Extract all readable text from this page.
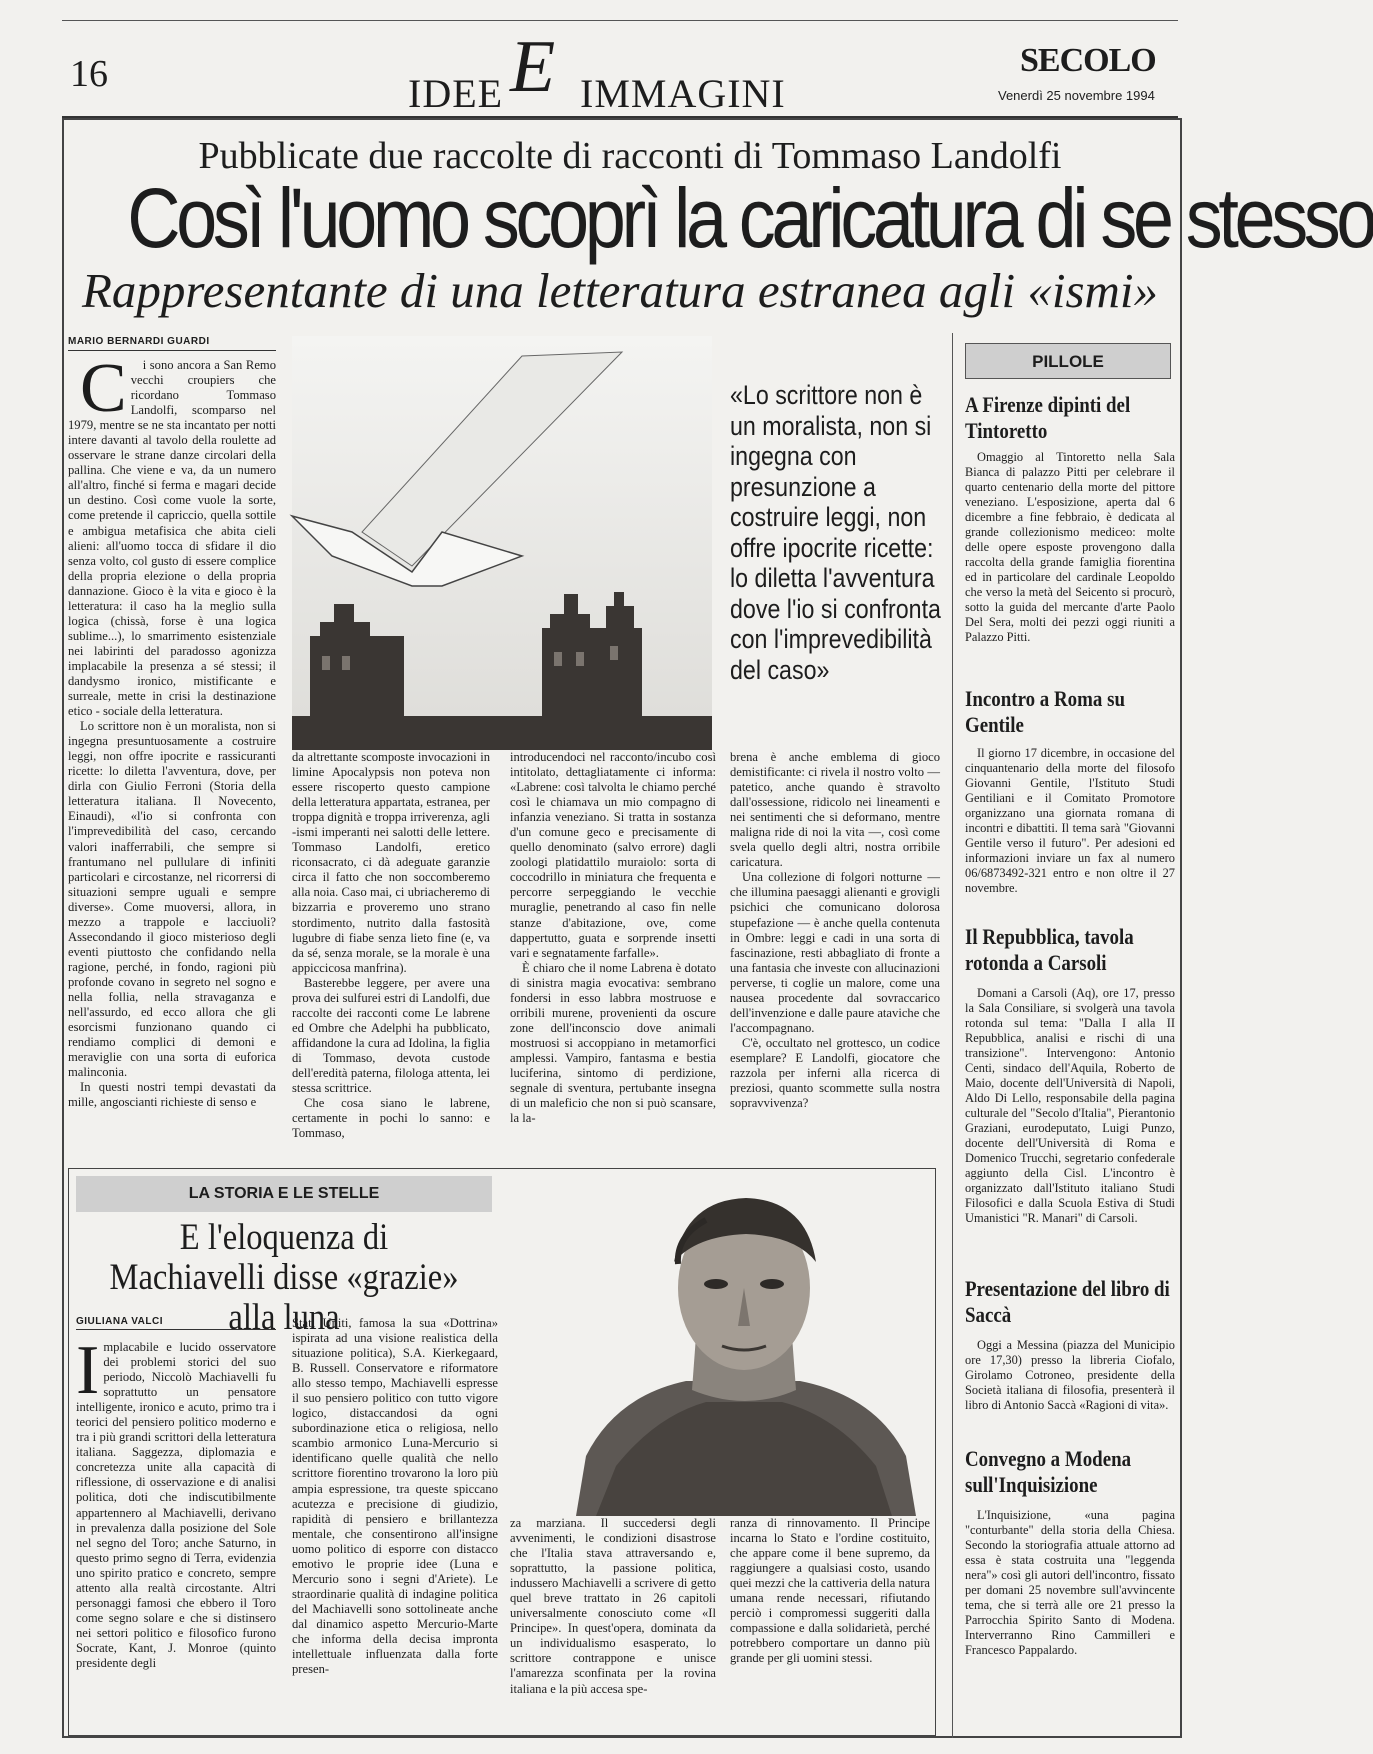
16	E
IDEE IMMAGINI
SECOLO
Venerdì 25 novembre 1994
Pubblicate due raccolte di racconti di Tommaso Landolfi
Così l'uomo scoprì la caricatura di se stesso
Rappresentante di una letteratura estranea agli «ismi»
MARIO BERNARDI GUARDI

Ci sono ancora a San Remo vecchi croupiers che ricordano Tommaso Landolfi, scomparso nel 1979, mentre se ne sta incantato per notti intere davanti al tavolo della roulette ad osservare le strane danze circolari della pallina. Che viene e va, da un numero all'altro, finché si ferma e magari decide un destino. Così come vuole la sorte, come pretende il capriccio, quella sottile e ambigua metafisica che abita cieli alieni: all'uomo tocca di sfidare il dio senza volto, col gusto di essere complice della propria elezione o della propria dannazione. Gioco è la vita e gioco è la letteratura: il caso ha la meglio sulla logica (chissà, forse è una logica sublime...), lo smarrimento esistenziale nei labirinti del paradosso agonizza implacabile la presenza a sé stessi; il dandysmo ironico, mistificante e surreale, mette in crisi la destinazione etico - sociale della letteratura.

Lo scrittore non è un moralista, non si ingegna presuntuosamente a costruire leggi, non offre ipocrite e rassicuranti ricette: lo diletta l'avventura, dove, per dirla con Giulio Ferroni (Storia della letteratura italiana. Il Novecento, Einaudi), «l'io si confronta con l'imprevedibilità del caso, cercando valori inafferrabili, che sempre si frantumano nel pullulare di infiniti particolari e circostanze, nel ricorrersi di situazioni sempre uguali e sempre diverse». Come muoversi, allora, in mezzo a trappole e lacciuoli? Assecondando il gioco misterioso degli eventi piuttosto che confidando nella ragione, perché, in fondo, ragioni più profonde covano in segreto nel sogno e nella follia, nella stravaganza e nell'assurdo, ed ecco allora che gli esorcismi funzionano quando ci rendiamo complici di demoni e meraviglie con una sorta di euforica malinconia.

In questi nostri tempi devastati da mille, angoscianti richieste di senso e

da altrettante scomposte invocazioni in limine Apocalypsis non poteva non essere riscoperto questo campione della letteratura appartata, estranea, per troppa dignità e troppa irriverenza, agli -ismi imperanti nei salotti delle lettere. Tommaso Landolfi, eretico riconsacrato, ci dà adeguate garanzie circa il fatto che non soccomberemo alla noia. Caso mai, ci ubriacheremo di bizzarria e proveremo uno strano stordimento, nutrito dalla fastosità lugubre di fiabe senza lieto fine (e, va da sé, senza morale, se la morale è una appiccicosa manfrina).

Basterebbe leggere, per avere una prova dei sulfurei estri di Landolfi, due raccolte dei racconti come Le labrene ed Ombre che Adelphi ha pubblicato, affidandone la cura ad Idolina, la figlia di Tommaso, devota custode dell'eredità paterna, filologa attenta, lei stessa scrittrice.

Che cosa siano le labrene, certamente in pochi lo sanno: e Tommaso,

introducendoci nel racconto/incubo così intitolato, dettagliatamente ci informa: «Labrene: così talvolta le chiamo perché così le chiamava un mio compagno di infanzia veneziano. Si tratta in sostanza d'un comune geco e precisamente di quello denominato (salvo errore) dagli zoologi platidattilo muraiolo: sorta di coccodrillo in miniatura che frequenta e percorre serpeggiando le vecchie muraglie, penetrando al caso fin nelle stanze d'abitazione, ove, come dappertutto, guata e sorprende insetti vari e segnatamente farfalle».

È chiaro che il nome Labrena è dotato di sinistra magia evocativa: sembrano fondersi in esso labbra mostruose e orribili murene, provenienti da oscure zone dell'inconscio dove animali mostruosi si accoppiano in metamorfici amplessi. Vampiro, fantasma e bestia luciferina, sintomo di perdizione, segnale di sventura, pertubante insegna di un maleficio che non si può scansare, la la-

«Lo scrittore non è un moralista, non si ingegna con presunzione a costruire leggi, non offre ipocrite ricette: lo diletta l'avventura dove l'io si confronta con l'imprevedibilità del caso»

brena è anche emblema di gioco demistificante: ci rivela il nostro volto — patetico, anche quando è stravolto dall'ossessione, ridicolo nei lineamenti e nei sentimenti che si deformano, mentre maligna ride di noi la vita —, così come svela quello degli altri, nostra orribile caricatura.

Una collezione di folgori notturne — che illumina paesaggi alienanti e grovigli psichici che comunicano dolorosa stupefazione — è anche quella contenuta in Ombre: leggi e cadi in una sorta di fascinazione, resti abbagliato di fronte a una fantasia che investe con allucinazioni perverse, ti coglie un malore, come una nausea procedente dal sovraccarico dell'invenzione e dalle paure ataviche che l'accompagnano.

C'è, occultato nel grottesco, un codice esemplare? E Landolfi, giocatore che razzola per inferni alla ricerca di preziosi, quanto scommette sulla nostra sopravvivenza?

PILLOLE
A Firenze dipinti del Tintoretto

Omaggio al Tintoretto nella Sala Bianca di palazzo Pitti per celebrare il quarto centenario della morte del pittore veneziano. L'esposizione, aperta dal 6 dicembre a fine febbraio, è dedicata al grande collezionismo mediceo: molte delle opere esposte provengono dalla raccolta della grande famiglia fiorentina ed in particolare del cardinale Leopoldo che verso la metà del Seicento si procurò, sotto la guida del mercante d'arte Paolo Del Sera, molti dei pezzi oggi riuniti a Palazzo Pitti.

Incontro a Roma su Gentile

Il giorno 17 dicembre, in occasione del cinquantenario della morte del filosofo Giovanni Gentile, l'Istituto Studi Gentiliani e il Comitato Promotore organizzano una giornata romana di incontri e dibattiti. Il tema sarà "Giovanni Gentile verso il futuro". Per adesioni ed informazioni inviare un fax al numero 06/6873492-321 entro e non oltre il 27 novembre.

Il Repubblica, tavola rotonda a Carsoli

Domani a Carsoli (Aq), ore 17, presso la Sala Consiliare, si svolgerà una tavola rotonda sul tema: "Dalla I alla II Repubblica, analisi e rischi di una transizione". Intervengono: Antonio Centi, sindaco dell'Aquila, Roberto de Maio, docente dell'Università di Napoli, Aldo Di Lello, responsabile della pagina culturale del "Secolo d'Italia", Pierantonio Graziani, eurodeputato, Luigi Punzo, docente dell'Università di Roma e Domenico Trucchi, segretario confederale aggiunto della Cisl. L'incontro è organizzato dall'Istituto italiano Studi Filosofici e dalla Scuola Estiva di Studi Umanistici "R. Manari" di Carsoli.

Presentazione del libro di Saccà

Oggi a Messina (piazza del Municipio ore 17,30) presso la libreria Ciofalo, Girolamo Cotroneo, presidente della Società italiana di filosofia, presenterà il libro di Antonio Saccà «Ragioni di vita».

Convegno a Modena sull'Inquisizione

L'Inquisizione, «una pagina "conturbante" della storia della Chiesa. Secondo la storiografia attuale attorno ad essa è stata costruita una "leggenda nera"» così gli autori dell'incontro, fissato per domani 25 novembre sull'avvincente tema, che si terrà alle ore 21 presso la Parrocchia Spirito Santo di Modena. Interverranno Rino Cammilleri e Francesco Pappalardo.

LA STORIA E LE STELLE
E l'eloquenza di Machiavelli disse «grazie» alla luna
GIULIANA VALCI

Implacabile e lucido osservatore dei problemi storici del suo periodo, Niccolò Machiavelli fu soprattutto un pensatore intelligente, ironico e acuto, primo tra i teorici del pensiero politico moderno e tra i più grandi scrittori della letteratura italiana. Saggezza, diplomazia e concretezza unite alla capacità di riflessione, di osservazione e di analisi politica, doti che indiscutibilmente appartennero al Machiavelli, derivano in prevalenza dalla posizione del Sole nel segno del Toro; anche Saturno, in questo primo segno di Terra, evidenzia uno spirito pratico e concreto, sempre attento alla realtà circostante. Altri personaggi famosi che ebbero il Toro come segno solare e che si distinsero nei settori politico e filosofico furono Socrate, Kant, J. Monroe (quinto presidente degli

Stati Uniti, famosa la sua «Dottrina» ispirata ad una visione realistica della situazione politica), S.A. Kierkegaard, B. Russell. Conservatore e riformatore allo stesso tempo, Machiavelli espresse il suo pensiero politico con tutto vigore logico, distaccandosi da ogni subordinazione etica o religiosa, nello scambio armonico Luna-Mercurio si identificano quelle qualità che nello scrittore fiorentino trovarono la loro più ampia espressione, tra queste spiccano acutezza e precisione di giudizio, rapidità di pensiero e brillantezza mentale, che consentirono all'insigne uomo politico di esporre con distacco emotivo le proprie idee (Luna e Mercurio sono i segni d'Ariete). Le straordinarie qualità di indagine politica del Machiavelli sono sottolineate anche dal dinamico aspetto Mercurio-Marte che informa della decisa impronta intellettuale influenzata dalla forte presen-

za marziana. Il succedersi degli avvenimenti, le condizioni disastrose che l'Italia stava attraversando e, soprattutto, la passione politica, indussero Machiavelli a scrivere di getto quel breve trattato in 26 capitoli universalmente conosciuto come «Il Principe». In quest'opera, dominata da un individualismo esasperato, lo scrittore contrappone e unisce l'amarezza sconfinata per la rovina italiana e la più accesa spe-

ranza di rinnovamento. Il Principe incarna lo Stato e l'ordine costituito, che appare come il bene supremo, da raggiungere a qualsiasi costo, usando quei mezzi che la cattiveria della natura umana rende necessari, rifiutando perciò i compromessi suggeriti dalla compassione e dalla solidarietà, perché potrebbero comportare un danno più grande per gli uomini stessi.
